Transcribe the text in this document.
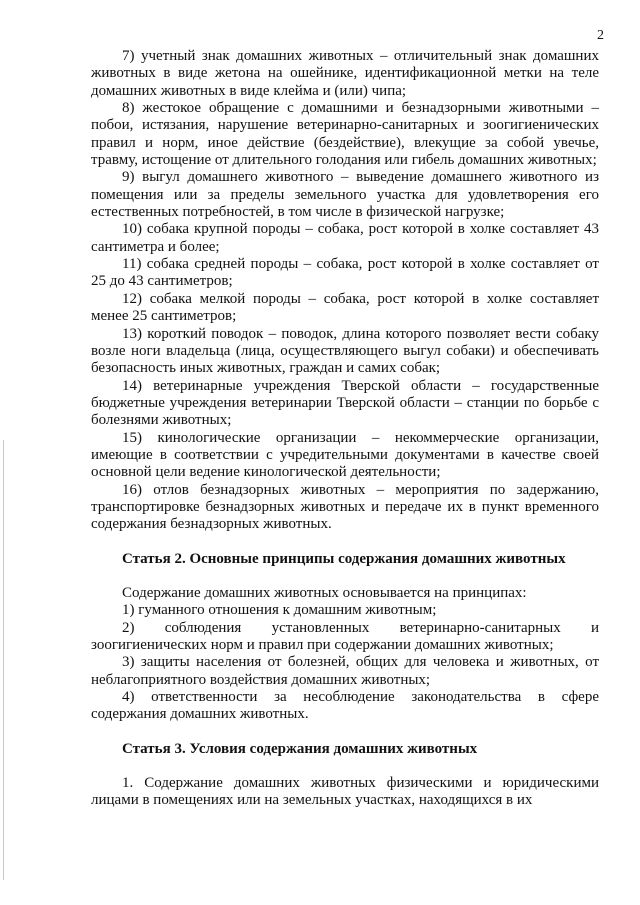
2

7) учетный знак домашних животных – отличительный знак домашних животных в виде жетона на ошейнике, идентификационной метки на теле домашних животных в виде клейма и (или) чипа;

8) жестокое обращение с домашними и безнадзорными животными – побои, истязания, нарушение ветеринарно-санитарных и зоогигиенических правил и норм, иное действие (бездействие), влекущие за собой увечье, травму, истощение от длительного голодания или гибель домашних животных;

9) выгул домашнего животного – выведение домашнего животного из помещения или за пределы земельного участка для удовлетворения его естественных потребностей, в том числе в физической нагрузке;

10) собака крупной породы – собака, рост которой в холке составляет 43 сантиметра и более;

11) собака средней породы – собака, рост которой в холке составляет от 25 до 43 сантиметров;

12) собака мелкой породы – собака, рост которой в холке составляет менее 25 сантиметров;

13) короткий поводок – поводок, длина которого позволяет вести собаку возле ноги владельца (лица, осуществляющего выгул собаки) и обеспечивать безопасность иных животных, граждан и самих собак;

14) ветеринарные учреждения Тверской области – государственные бюджетные учреждения ветеринарии Тверской области – станции по борьбе с болезнями животных;

15) кинологические организации – некоммерческие организации, имеющие в соответствии с учредительными документами в качестве своей основной цели ведение кинологической деятельности;

16) отлов безнадзорных животных – мероприятия по задержанию, транспортировке безнадзорных животных и передаче их в пункт временного содержания безнадзорных животных.

Статья 2. Основные принципы содержания домашних животных

Содержание домашних животных основывается на принципах:

1) гуманного отношения к домашним животным;

2) соблюдения установленных ветеринарно-санитарных и зоогигиенических норм и правил при содержании домашних животных;

3) защиты населения от болезней, общих для человека и животных, от неблагоприятного воздействия домашних животных;

4) ответственности за несоблюдение законодательства в сфере содержания домашних животных.

Статья 3. Условия содержания домашних животных

1. Содержание домашних животных физическими и юридическими лицами в помещениях или на земельных участках, находящихся в их
